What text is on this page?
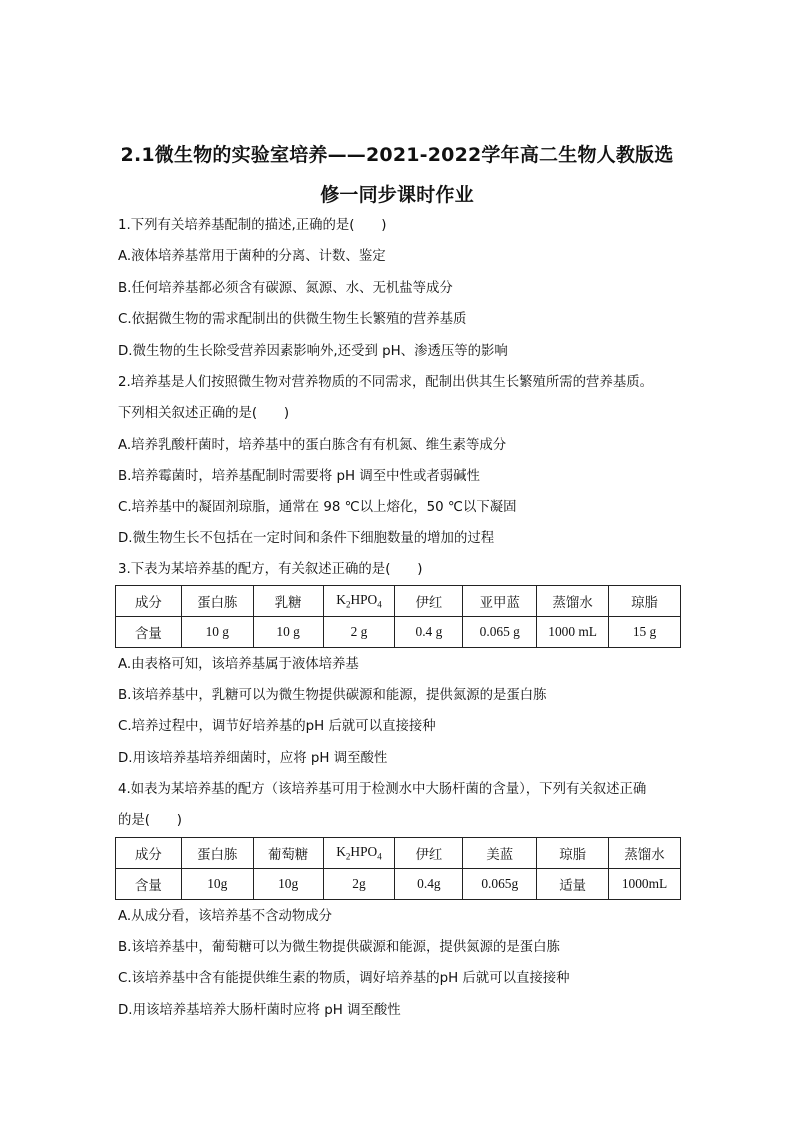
2.1微生物的实验室培养——2021-2022学年高二生物人教版选
修一同步课时作业
1.下列有关培养基配制的描述,正确的是(　　)
A.液体培养基常用于菌种的分离、计数、鉴定
B.任何培养基都必须含有碳源、氮源、水、无机盐等成分
C.依据微生物的需求配制出的供微生物生长繁殖的营养基质
D.微生物的生长除受营养因素影响外,还受到 pH、渗透压等的影响
2.培养基是人们按照微生物对营养物质的不同需求，配制出供其生长繁殖所需的营养基质。
下列相关叙述正确的是(　　)
A.培养乳酸杆菌时，培养基中的蛋白胨含有有机氮、维生素等成分
B.培养霉菌时，培养基配制时需要将 pH 调至中性或者弱碱性
C.培养基中的凝固剂琼脂，通常在 98 ℃以上熔化，50 ℃以下凝固
D.微生物生长不包括在一定时间和条件下细胞数量的增加的过程
3.下表为某培养基的配方，有关叙述正确的是(　　)
成分	蛋白胨	乳糖	$K_2HPO_4$	伊红	亚甲蓝	蒸馏水	琼脂
含量	10 g	10 g	2 g	0.4 g	0.065 g	1000 mL	15 g
A.由表格可知，该培养基属于液体培养基
B.该培养基中，乳糖可以为微生物提供碳源和能源，提供氮源的是蛋白胨
C.培养过程中，调节好培养基的pH 后就可以直接接种
D.用该培养基培养细菌时，应将 pH 调至酸性
4.如表为某培养基的配方（该培养基可用于检测水中大肠杆菌的含量），下列有关叙述正确
的是(　　)
成分	蛋白胨	葡萄糖	$K_2HPO_4$	伊红	美蓝	琼脂	蒸馏水
含量	10g	10g	2g	0.4g	0.065g	适量	1000mL
A.从成分看，该培养基不含动物成分
B.该培养基中，葡萄糖可以为微生物提供碳源和能源，提供氮源的是蛋白胨
C.该培养基中含有能提供维生素的物质，调好培养基的pH 后就可以直接接种
D.用该培养基培养大肠杆菌时应将 pH 调至酸性
